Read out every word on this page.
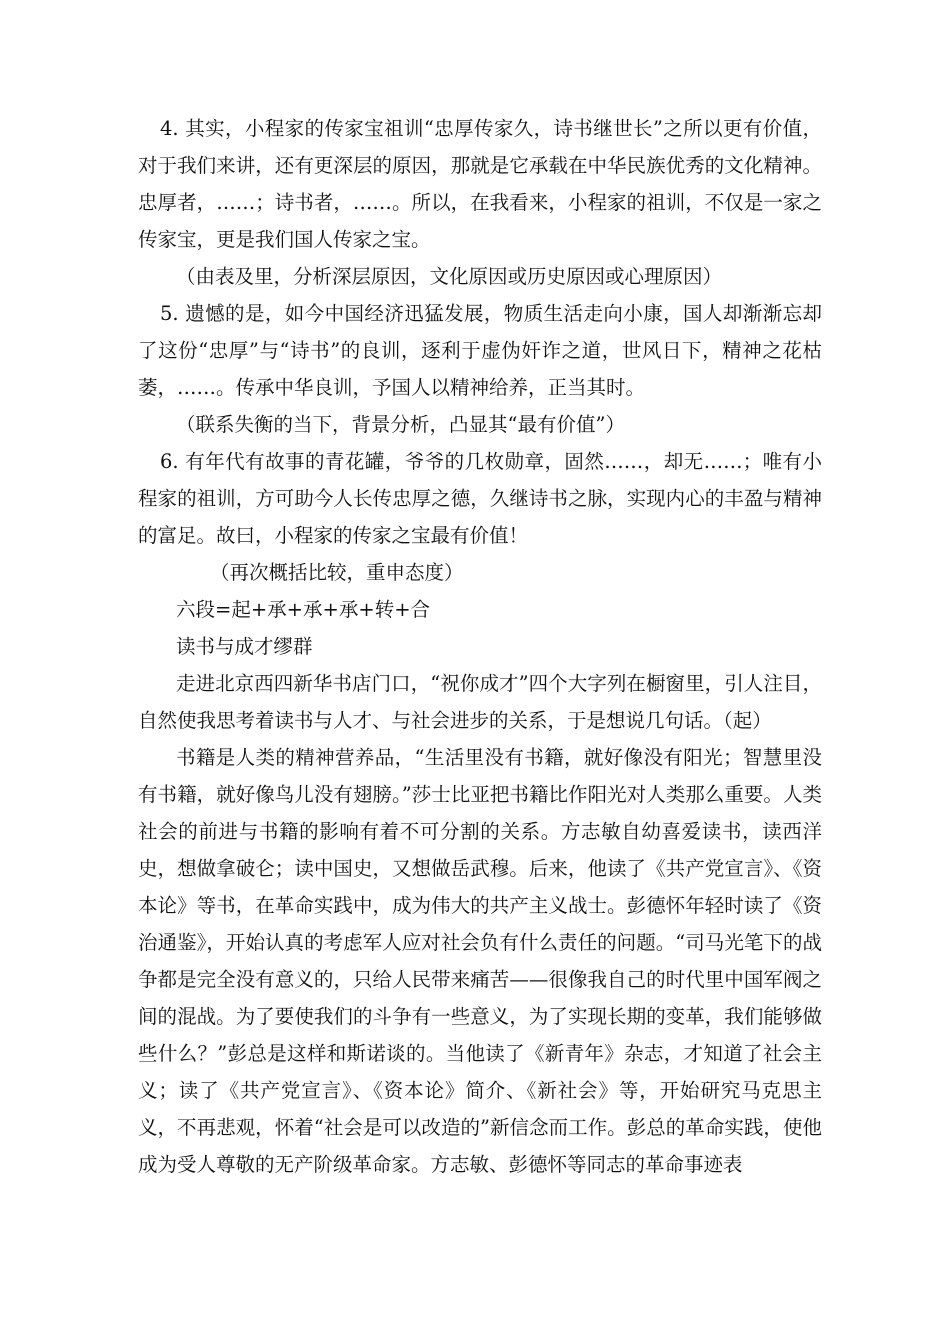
4. 其实，小程家的传家宝祖训“忠厚传家久，诗书继世长”之所以更有价值，对于我们来讲，还有更深层的原因，那就是它承载在中华民族优秀的文化精神。忠厚者，……；诗书者，……。所以，在我看来，小程家的祖训，不仅是一家之传家宝，更是我们国人传家之宝。

（由表及里，分析深层原因，文化原因或历史原因或心理原因）

5. 遗憾的是，如今中国经济迅猛发展，物质生活走向小康，国人却渐渐忘却了这份“忠厚”与“诗书”的良训，逐利于虚伪奸诈之道，世风日下，精神之花枯萎，……。传承中华良训，予国人以精神给养，正当其时。

（联系失衡的当下，背景分析，凸显其“最有价值”）

6. 有年代有故事的青花罐，爷爷的几枚勋章，固然……，却无……；唯有小程家的祖训，方可助今人长传忠厚之德，久继诗书之脉，实现内心的丰盈与精神的富足。故曰，小程家的传家之宝最有价值！

（再次概括比较，重申态度）

六段=起+承+承+承+转+合

读书与成才缪群

走进北京西四新华书店门口，“祝你成才”四个大字列在橱窗里，引人注目，自然使我思考着读书与人才、与社会进步的关系，于是想说几句话。（起）

书籍是人类的精神营养品，“生活里没有书籍，就好像没有阳光；智慧里没有书籍，就好像鸟儿没有翅膀。”莎士比亚把书籍比作阳光对人类那么重要。人类社会的前进与书籍的影响有着不可分割的关系。方志敏自幼喜爱读书，读西洋史，想做拿破仑；读中国史，又想做岳武穆。后来，他读了《共产党宣言》、《资本论》等书，在革命实践中，成为伟大的共产主义战士。彭德怀年轻时读了《资治通鉴》，开始认真的考虑军人应对社会负有什么责任的问题。“司马光笔下的战争都是完全没有意义的，只给人民带来痛苦——很像我自己的时代里中国军阀之间的混战。为了要使我们的斗争有一些意义，为了实现长期的变革，我们能够做些什么？”彭总是这样和斯诺谈的。当他读了《新青年》杂志，才知道了社会主义；读了《共产党宣言》、《资本论》简介、《新社会》等，开始研究马克思主义，不再悲观，怀着“社会是可以改造的”新信念而工作。彭总的革命实践，使他成为受人尊敬的无产阶级革命家。方志敏、彭德怀等同志的革命事迹表
